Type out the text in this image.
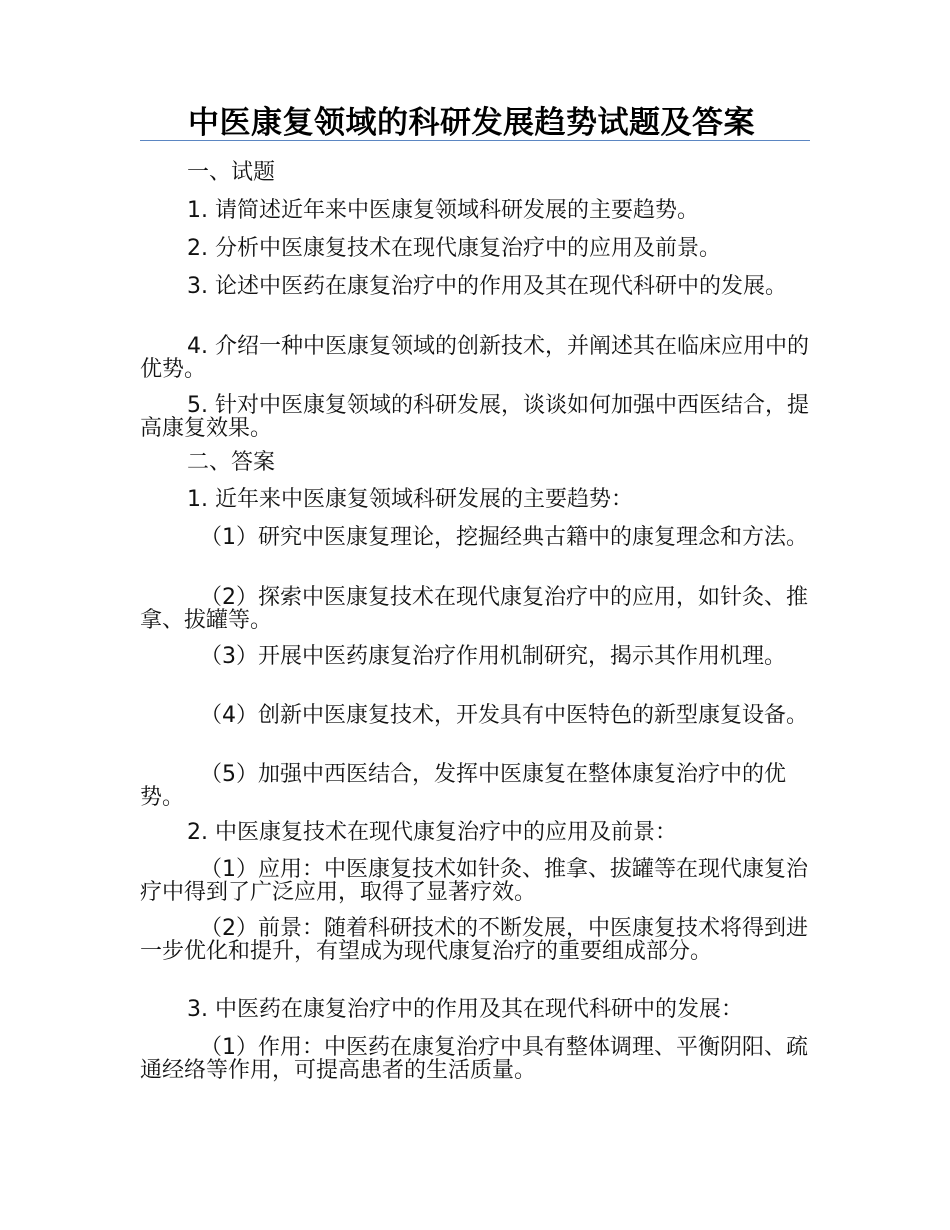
中医康复领域的科研发展趋势试题及答案

一、试题

1. 请简述近年来中医康复领域科研发展的主要趋势。

2. 分析中医康复技术在现代康复治疗中的应用及前景。

3. 论述中医药在康复治疗中的作用及其在现代科研中的发展。

4. 介绍一种中医康复领域的创新技术，并阐述其在临床应用中的优势。

5. 针对中医康复领域的科研发展，谈谈如何加强中西医结合，提高康复效果。

二、答案

1. 近年来中医康复领域科研发展的主要趋势：

（1）研究中医康复理论，挖掘经典古籍中的康复理念和方法。

（2）探索中医康复技术在现代康复治疗中的应用，如针灸、推拿、拔罐等。

（3）开展中医药康复治疗作用机制研究，揭示其作用机理。

（4）创新中医康复技术，开发具有中医特色的新型康复设备。

（5）加强中西医结合，发挥中医康复在整体康复治疗中的优势。

2. 中医康复技术在现代康复治疗中的应用及前景：

（1）应用：中医康复技术如针灸、推拿、拔罐等在现代康复治疗中得到了广泛应用，取得了显著疗效。

（2）前景：随着科研技术的不断发展，中医康复技术将得到进一步优化和提升，有望成为现代康复治疗的重要组成部分。

3. 中医药在康复治疗中的作用及其在现代科研中的发展：

（1）作用：中医药在康复治疗中具有整体调理、平衡阴阳、疏通经络等作用，可提高患者的生活质量。
